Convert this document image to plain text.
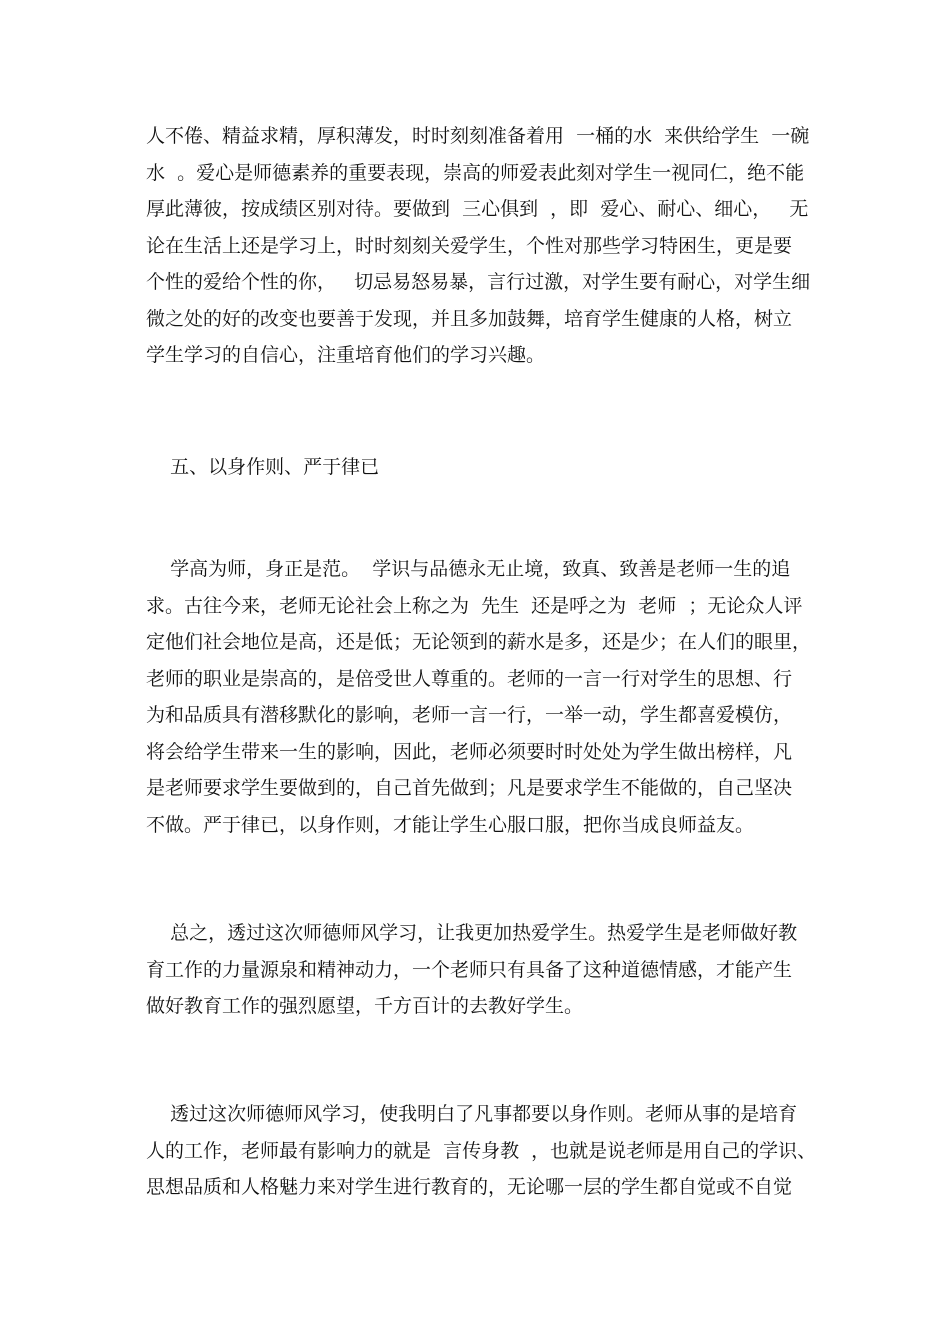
人不倦、精益求精，厚积薄发，时时刻刻准备着用  一桶的水  来供给学生  一碗
水  。爱心是师德素养的重要表现，崇高的师爱表此刻对学生一视同仁，绝不能
厚此薄彼，按成绩区别对待。要做到  三心俱到  ，即  爱心、耐心、细心，   无
论在生活上还是学习上，时时刻刻关爱学生，个性对那些学习特困生，更是要
个性的爱给个性的你，   切忌易怒易暴，言行过激，对学生要有耐心，对学生细
微之处的好的改变也要善于发现，并且多加鼓舞，培育学生健康的人格，树立
学生学习的自信心，注重培育他们的学习兴趣。
五、以身作则、严于律已
学高为师，身正是范。  学识与品德永无止境，致真、致善是老师一生的追
求。古往今来，老师无论社会上称之为  先生  还是呼之为  老师  ；无论众人评
定他们社会地位是高，还是低；无论领到的薪水是多，还是少；在人们的眼里，
老师的职业是崇高的，是倍受世人尊重的。老师的一言一行对学生的思想、行
为和品质具有潜移默化的影响，老师一言一行，一举一动，学生都喜爱模仿，
将会给学生带来一生的影响，因此，老师必须要时时处处为学生做出榜样，凡
是老师要求学生要做到的，自己首先做到；凡是要求学生不能做的，自己坚决
不做。严于律已，以身作则，才能让学生心服口服，把你当成良师益友。
总之，透过这次师德师风学习，让我更加热爱学生。热爱学生是老师做好教
育工作的力量源泉和精神动力，一个老师只有具备了这种道德情感，才能产生
做好教育工作的强烈愿望，千方百计的去教好学生。
透过这次师德师风学习，使我明白了凡事都要以身作则。老师从事的是培育
人的工作，老师最有影响力的就是  言传身教  ，也就是说老师是用自己的学识、
思想品质和人格魅力来对学生进行教育的，无论哪一层的学生都自觉或不自觉
